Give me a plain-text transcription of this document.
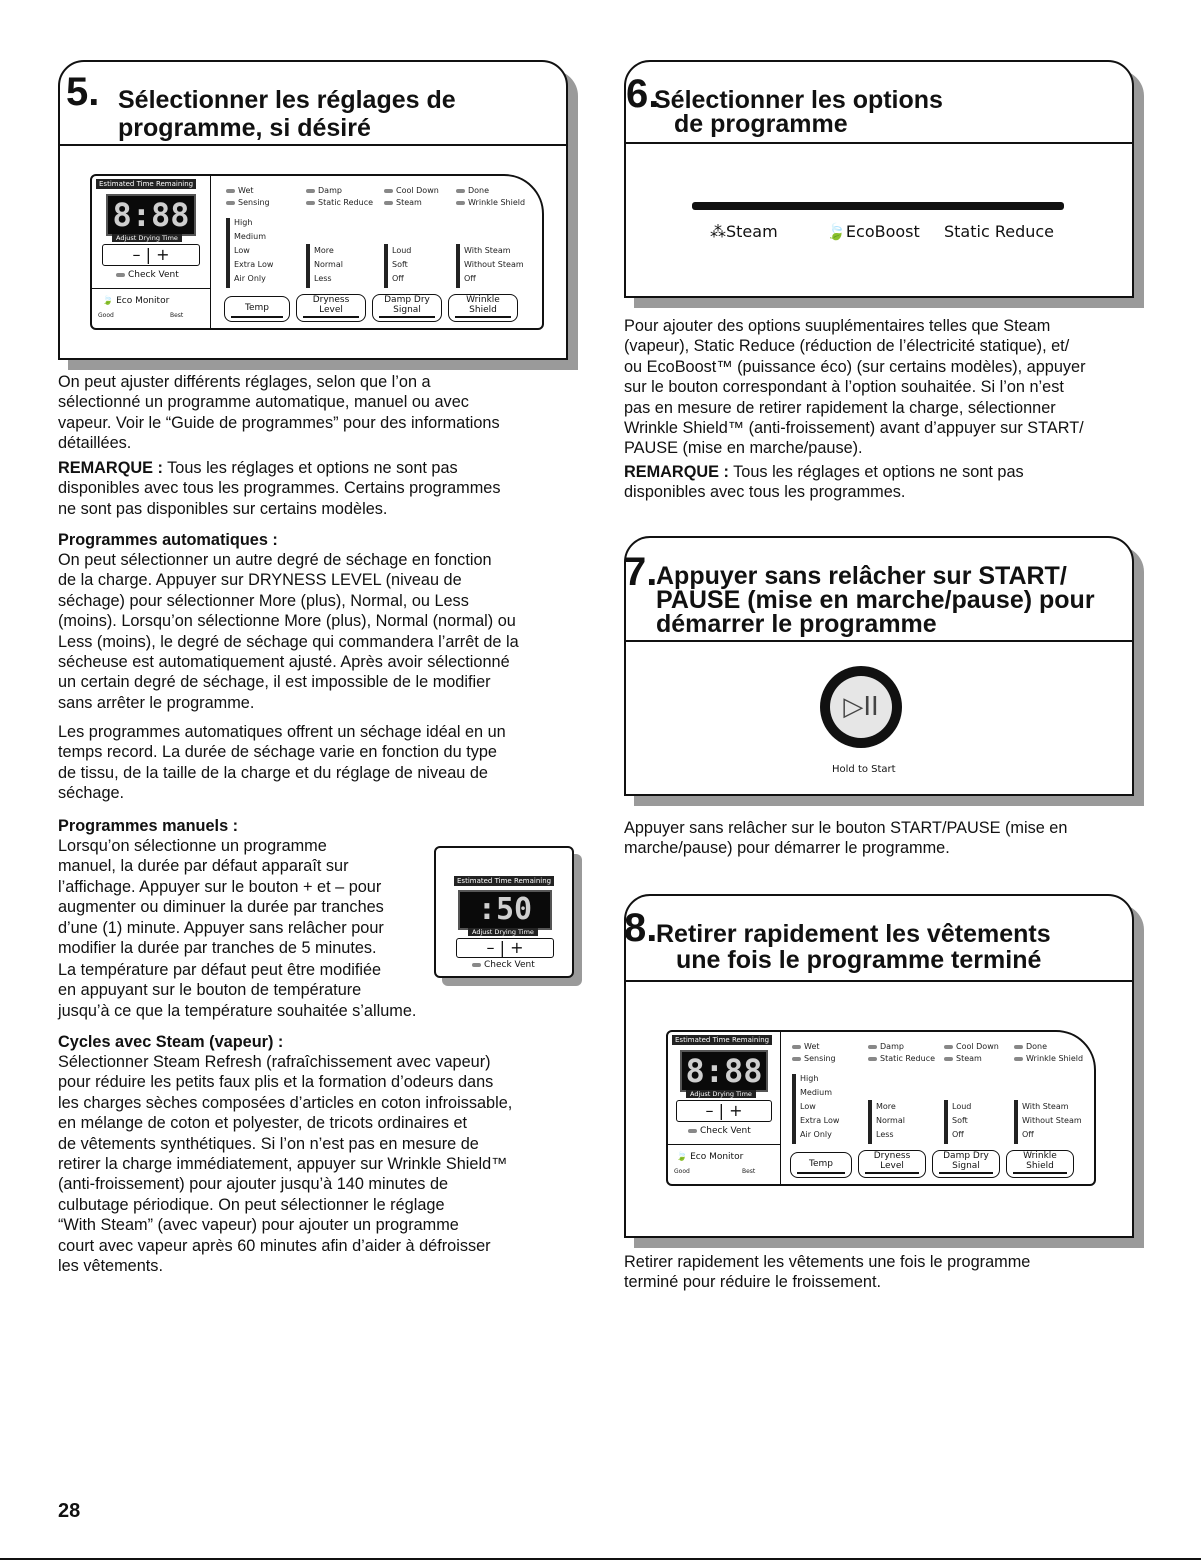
5. Sélectionner les réglages de
programme, si désiré
Estimated Time Remaining
8:88
Adjust Drying Time
– | +
Check Vent
🍃 Eco Monitor
Good	Best
Wet	Damp	Cool Down	Done
Sensing	Static Reduce	Steam	Wrinkle Shield
High
Medium
Low
Extra Low
Air Only
More
Normal
Less
Loud
Soft
Off
With Steam
Without Steam
Off
Temp
Dryness
Level
Damp Dry
Signal
Wrinkle
Shield
On peut ajuster différents réglages, selon que l’on a
sélectionné un programme automatique, manuel ou avec
vapeur. Voir le “Guide de programmes” pour des informations
détaillées.
REMARQUE : Tous les réglages et options ne sont pas
disponibles avec tous les programmes. Certains programmes
ne sont pas disponibles sur certains modèles.
Programmes automatiques :
On peut sélectionner un autre degré de séchage en fonction
de la charge. Appuyer sur DRYNESS LEVEL (niveau de
séchage) pour sélectionner More (plus), Normal, ou Less
(moins). Lorsqu’on sélectionne More (plus), Normal (normal) ou
Less (moins), le degré de séchage qui commandera l’arrêt de la
sécheuse est automatiquement ajusté. Après avoir sélectionné
un certain degré de séchage, il est impossible de le modifier
sans arrêter le programme.
Les programmes automatiques offrent un séchage idéal en un
temps record. La durée de séchage varie en fonction du type
de tissu, de la taille de la charge et du réglage de niveau de
séchage.
Programmes manuels :
Lorsqu’on sélectionne un programme
manuel, la durée par défaut apparaît sur
l’affichage. Appuyer sur le bouton + et – pour
augmenter ou diminuer la durée par tranches
d’une (1) minute. Appuyer sans relâcher pour
modifier la durée par tranches de 5 minutes.
La température par défaut peut être modifiée
en appuyant sur le bouton de température
jusqu’à ce que la température souhaitée s’allume.
Cycles avec Steam (vapeur) :
Sélectionner Steam Refresh (rafraîchissement avec vapeur)
pour réduire les petits faux plis et la formation d’odeurs dans
les charges sèches composées d’articles en coton infroissable,
en mélange de coton et polyester, de tricots ordinaires et
de vêtements synthétiques. Si l’on n’est pas en mesure de
retirer la charge immédiatement, appuyer sur Wrinkle Shield™
(anti-froissement) pour ajouter jusqu’à 140 minutes de
culbutage périodique. On peut sélectionner le réglage
“With Steam” (avec vapeur) pour ajouter un programme
court avec vapeur après 60 minutes afin d’aider à défroisser
les vêtements.
Estimated Time Remaining
:50
Adjust Drying Time
– | +
Check Vent
6.
Sélectionner les options
de programme
⁂Steam	🍃EcoBoost Static Reduce
Pour ajouter des options suuplémentaires telles que Steam
(vapeur), Static Reduce (réduction de l’électricité statique), et/
ou EcoBoost™ (puissance éco) (sur certains modèles), appuyer
sur le bouton correspondant à l’option souhaitée. Si l’on n’est
pas en mesure de retirer rapidement la charge, sélectionner
Wrinkle Shield™ (anti-froissement) avant d’appuyer sur START/
PAUSE (mise en marche/pause).
REMARQUE : Tous les réglages et options ne sont pas
disponibles avec tous les programmes.
7.
Appuyer sans relâcher sur START/
PAUSE (mise en marche/pause) pour
démarrer le programme
▷II
Hold to Start
Appuyer sans relâcher sur le bouton START/PAUSE (mise en
marche/pause) pour démarrer le programme.
8.
Retirer rapidement les vêtements
une fois le programme terminé
Estimated Time Remaining
8:88
Adjust Drying Time
– | +
Check Vent
🍃 Eco Monitor
Good	Best
Wet	Damp	Cool Down	Done
Sensing	Static Reduce	Steam	Wrinkle Shield
High
Medium
Low
Extra Low
Air Only
More
Normal
Less
Loud
Soft
Off
With Steam
Without Steam
Off
Temp
Dryness
Level
Damp Dry
Signal
Wrinkle
Shield
Retirer rapidement les vêtements une fois le programme
terminé pour réduire le froissement.
28
